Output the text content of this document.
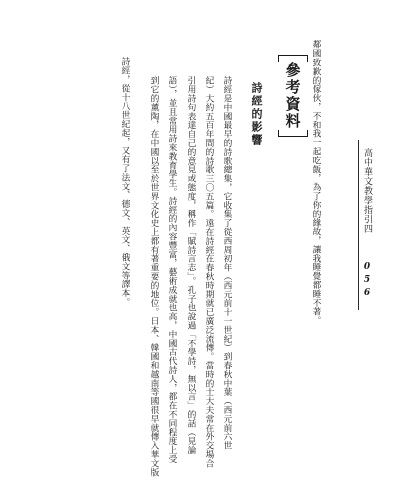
高中華文教學指引四
056
鄰國致歉的傢伙，不和我一起吃飯，為了你的緣故，讓我睡覺都睡不著。
參考資料
詩經的影響
詩經是中國最早的詩歌總集，它收集了從西周初年（西元前十一世紀）到春秋中葉（西元前六世
紀）大約五百年間的詩歌三〇五篇。遠在詩經在春秋時期就已廣泛流傳。當時的士大夫常在外交場合
引用詩句表達自己的意見或態度，稱作「賦詩言志」。孔子也說過「不學詩，無以言」的話（見論
語），並且常用詩來教育學生。詩經的內容豐富，藝術成就也高，中國古代詩人，都在不同程度上受
到它的薰陶，在中國以至於世界文化史上都有著重要的地位。日本、韓國和越南等國很早就傳入華文版
詩經，從十八世紀起，又有了法文、德文、英文、俄文等譯本。
